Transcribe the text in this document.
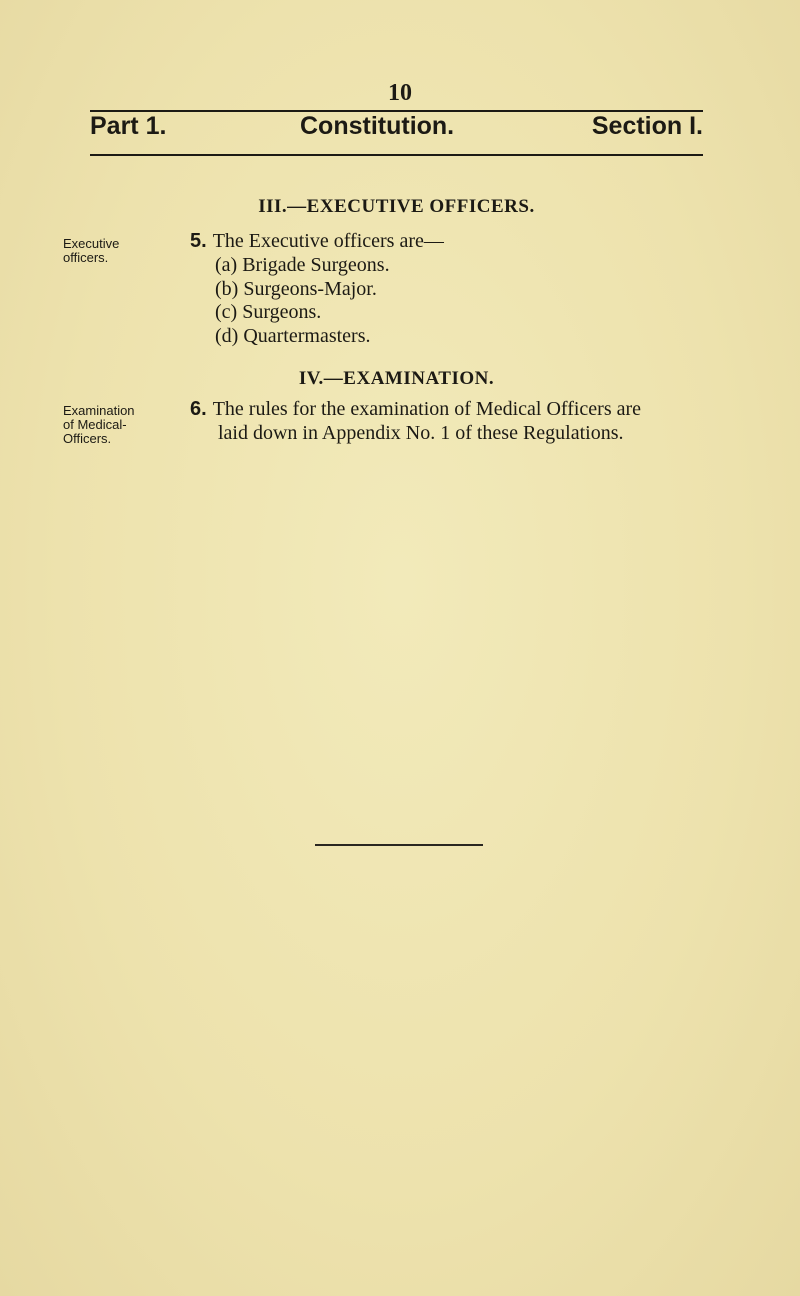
10
Part 1.	Constitution.	Section I.
III.—EXECUTIVE OFFICERS.
Executive
officers.
5. The Executive officers are—
(a) Brigade Surgeons.
(b) Surgeons-Major.
(c) Surgeons.
(d) Quartermasters.
IV.—EXAMINATION.
Examination
of Medical-
Officers.
6. The rules for the examination of Medical Officers are
laid down in Appendix No. 1 of these Regulations.
